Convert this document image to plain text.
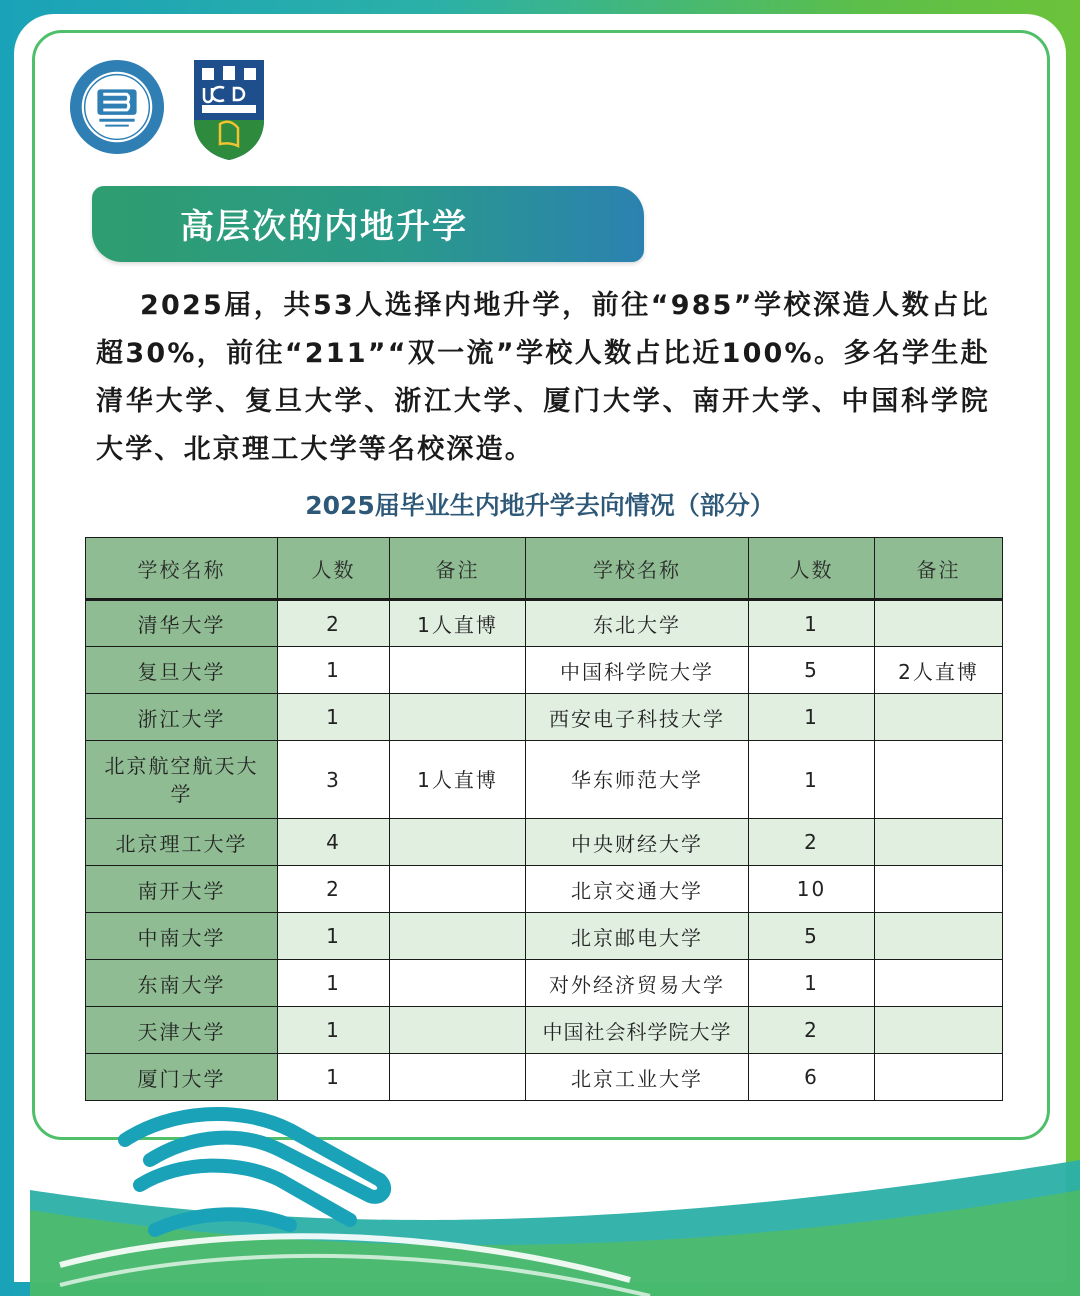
高层次的内地升学

2025届，共53人选择内地升学，前往“985”学校深造人数占比超30%，前往“211”“双一流”学校人数占比近100%。多名学生赴清华大学、复旦大学、浙江大学、厦门大学、南开大学、中国科学院大学、北京理工大学等名校深造。

2025届毕业生内地升学去向情况（部分）
学校名称	人数	备注	学校名称	人数	备注
清华大学	2	1人直博	东北大学	1	
复旦大学	1		中国科学院大学	5	2人直博
浙江大学	1		西安电子科技大学	1	
北京航空航天大学	3	1人直博	华东师范大学	1	
北京理工大学	4		中央财经大学	2	
南开大学	2		北京交通大学	10	
中南大学	1		北京邮电大学	5	
东南大学	1		对外经济贸易大学	1	
天津大学	1		中国社会科学院大学	2	
厦门大学	1		北京工业大学	6	
